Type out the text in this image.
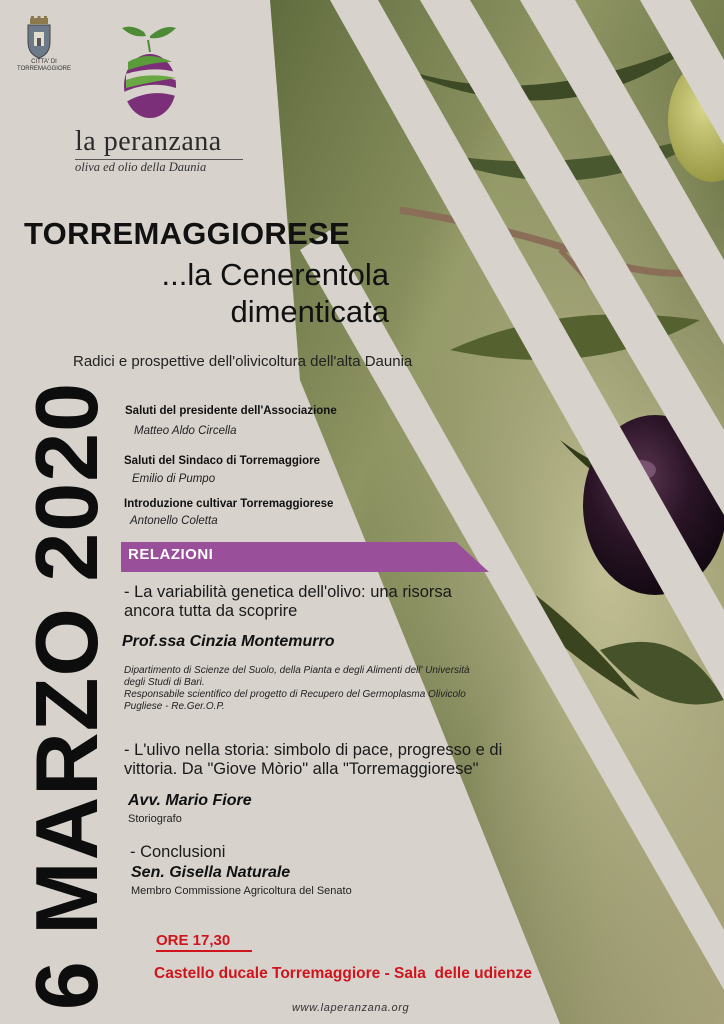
CITTA' DI
TORREMAGGIORE
la peranzana
oliva ed olio della Daunia
TORREMAGGIORESE
...la Cenerentola
dimenticata
Radici e prospettive dell'olivicoltura dell'alta Daunia
6 MARZO 2020 Saluti del presidente dell'Associazione
Matteo Aldo Circella
Saluti del Sindaco di Torremaggiore
Emilio di Pumpo
Introduzione cultivar Torremaggiorese
Antonello Coletta
RELAZIONI
- La variabilità genetica dell'olivo: una risorsa
ancora tutta da scoprire
Prof.ssa Cinzia Montemurro
Dipartimento di Scienze del Suolo, della Pianta e degli Alimenti dell' Università
degli Studi di Bari.
Responsabile scientifico del progetto di Recupero del Germoplasma Olivicolo
Pugliese - Re.Ger.O.P.
- L'ulivo nella storia: simbolo di pace, progresso e di
vittoria. Da "Giove Mòrio" alla "Torremaggiorese"
Avv. Mario Fiore
Storiografo
- Conclusioni
Sen. Gisella Naturale
Membro Commissione Agricoltura del Senato
ORE 17,30
Castello ducale Torremaggiore - Sala  delle udienze
www.laperanzana.org
